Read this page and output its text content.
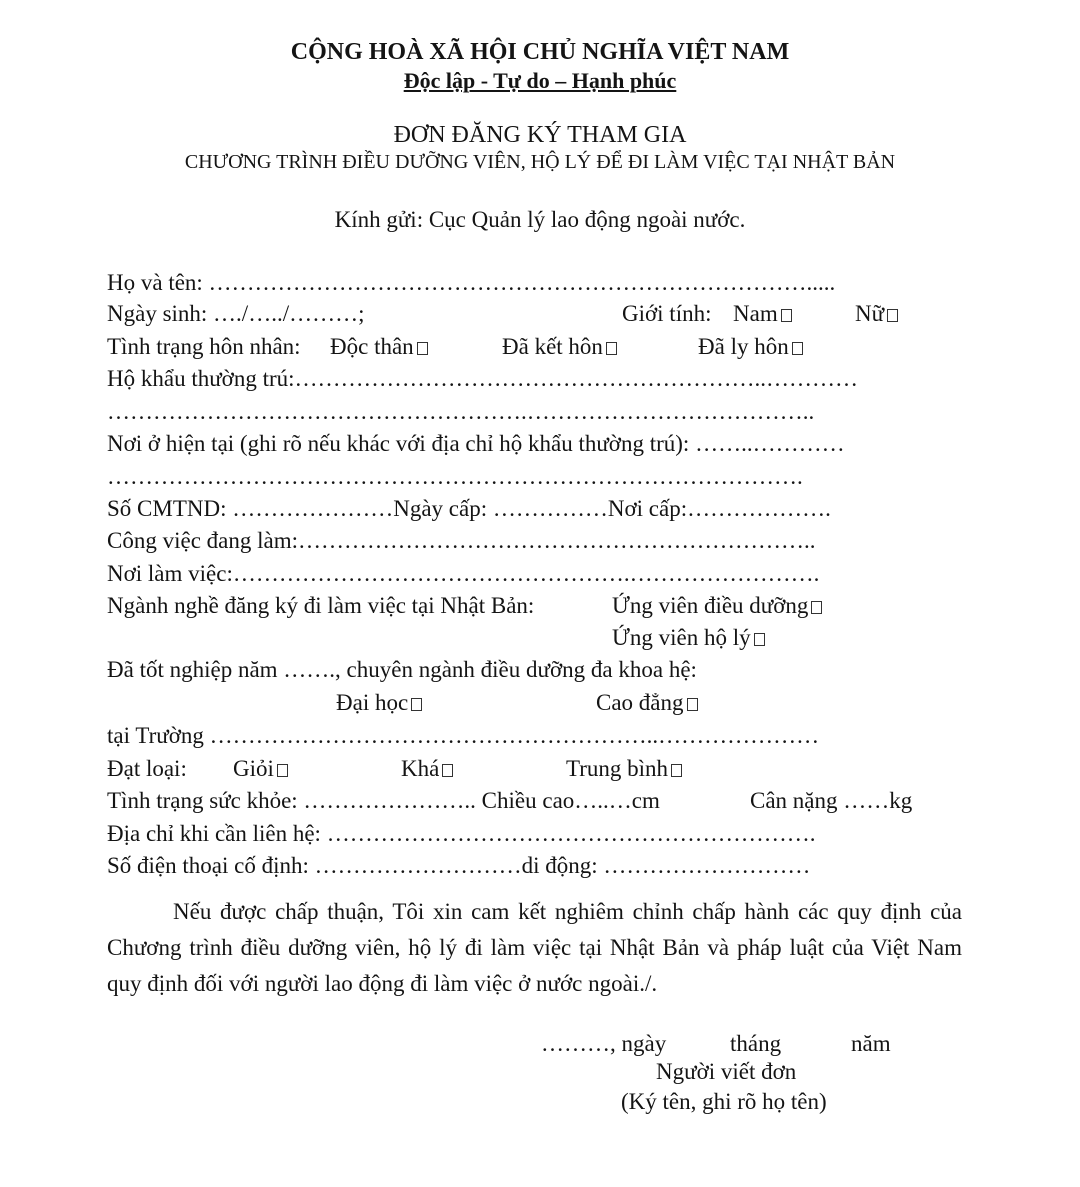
CỘNG HOÀ XÃ HỘI CHỦ NGHĨA VIỆT NAM
Độc lập - Tự do – Hạnh phúc
ĐƠN ĐĂNG KÝ THAM GIA
CHƯƠNG TRÌNH ĐIỀU DƯỠNG VIÊN, HỘ LÝ ĐỂ ĐI LÀM VIỆC TẠI NHẬT BẢN
Kính gửi: Cục Quản lý lao động ngoài nước.
Họ và tên: …………………………………………………………………….....
Ngày sinh: …./…../………;	Giới tính: Nam	Nữ
Tình trạng hôn nhân: Độc thân	Đã kết hôn	Đã ly hôn
Hộ khẩu thường trú:……………………………………………………..…………
……………………………………………….………………………………..
Nơi ở hiện tại (ghi rõ nếu khác với địa chỉ hộ khẩu thường trú): ……..…………
……………………………………………………………………………….
Số CMTND: …………………Ngày cấp: ……………Nơi cấp:……………….
Công việc đang làm:…………………………………………………………..
Nơi làm việc:…………………………………………….…………………….
Ngành nghề đăng ký đi làm việc tại Nhật Bản:	Ứng viên điều dưỡng
Ứng viên hộ lý
Đã tốt nghiệp năm ……., chuyên ngành điều dưỡng đa khoa hệ:
Đại học	Cao đẳng
tại Trường …………………………………………………..…………………
Đạt loại: Giỏi	Khá	Trung bình
Tình trạng sức khỏe: ………………….. Chiều cao…..…cm	Cân nặng ……kg
Địa chỉ khi cần liên hệ: ……………………………………………………….
Số điện thoại cố định: ………………………di động: ………………………
Nếu được chấp thuận, Tôi xin cam kết nghiêm chỉnh chấp hành các quy định của Chương trình điều dưỡng viên, hộ lý đi làm việc tại Nhật Bản và pháp luật của Việt Nam quy định đối với người lao động đi làm việc ở nước ngoài./.
………, ngày	tháng	năm
Người viết đơn
(Ký tên, ghi rõ họ tên)
